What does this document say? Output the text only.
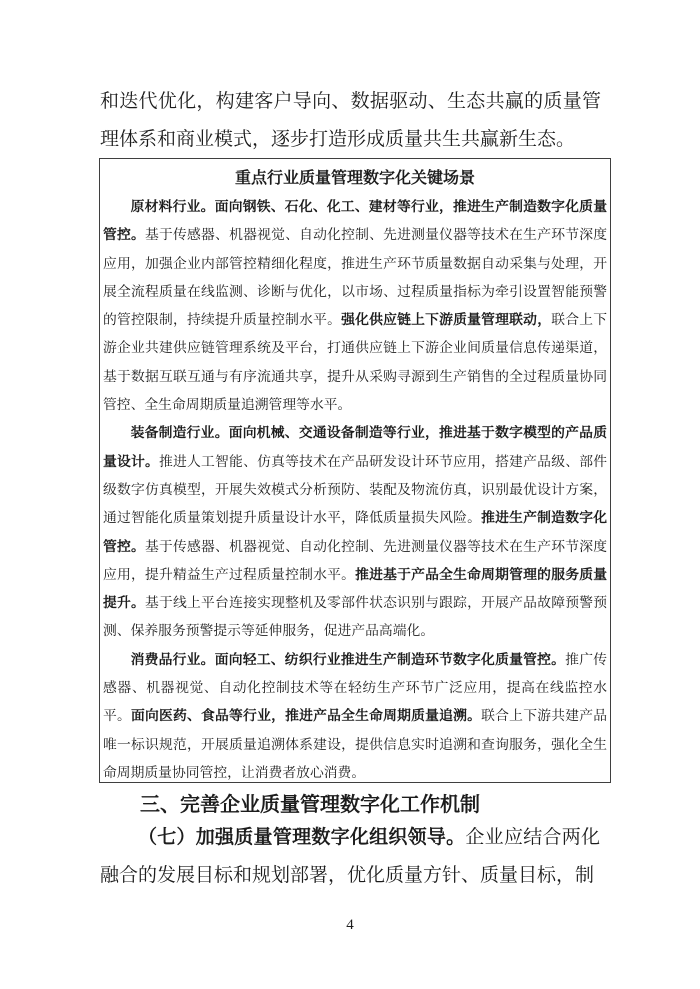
和迭代优化，构建客户导向、数据驱动、生态共赢的质量管理体系和商业模式，逐步打造形成质量共生共赢新生态。

重点行业质量管理数字化关键场景

原材料行业。面向钢铁、石化、化工、建材等行业，推进生产制造数字化质量管控。基于传感器、机器视觉、自动化控制、先进测量仪器等技术在生产环节深度应用，加强企业内部管控精细化程度，推进生产环节质量数据自动采集与处理，开展全流程质量在线监测、诊断与优化，以市场、过程质量指标为牵引设置智能预警的管控限制，持续提升质量控制水平。强化供应链上下游质量管理联动，联合上下游企业共建供应链管理系统及平台，打通供应链上下游企业间质量信息传递渠道，基于数据互联互通与有序流通共享，提升从采购寻源到生产销售的全过程质量协同管控、全生命周期质量追溯管理等水平。

装备制造行业。面向机械、交通设备制造等行业，推进基于数字模型的产品质量设计。推进人工智能、仿真等技术在产品研发设计环节应用，搭建产品级、部件级数字仿真模型，开展失效模式分析预防、装配及物流仿真，识别最优设计方案，通过智能化质量策划提升质量设计水平，降低质量损失风险。推进生产制造数字化管控。基于传感器、机器视觉、自动化控制、先进测量仪器等技术在生产环节深度应用，提升精益生产过程质量控制水平。推进基于产品全生命周期管理的服务质量提升。基于线上平台连接实现整机及零部件状态识别与跟踪，开展产品故障预警预测、保养服务预警提示等延伸服务，促进产品高端化。

消费品行业。面向轻工、纺织行业推进生产制造环节数字化质量管控。推广传感器、机器视觉、自动化控制技术等在轻纺生产环节广泛应用，提高在线监控水平。面向医药、食品等行业，推进产品全生命周期质量追溯。联合上下游共建产品唯一标识规范，开展质量追溯体系建设，提供信息实时追溯和查询服务，强化全生命周期质量协同管控，让消费者放心消费。

三、完善企业质量管理数字化工作机制

（七）加强质量管理数字化组织领导。企业应结合两化融合的发展目标和规划部署，优化质量方针、质量目标，制

4
